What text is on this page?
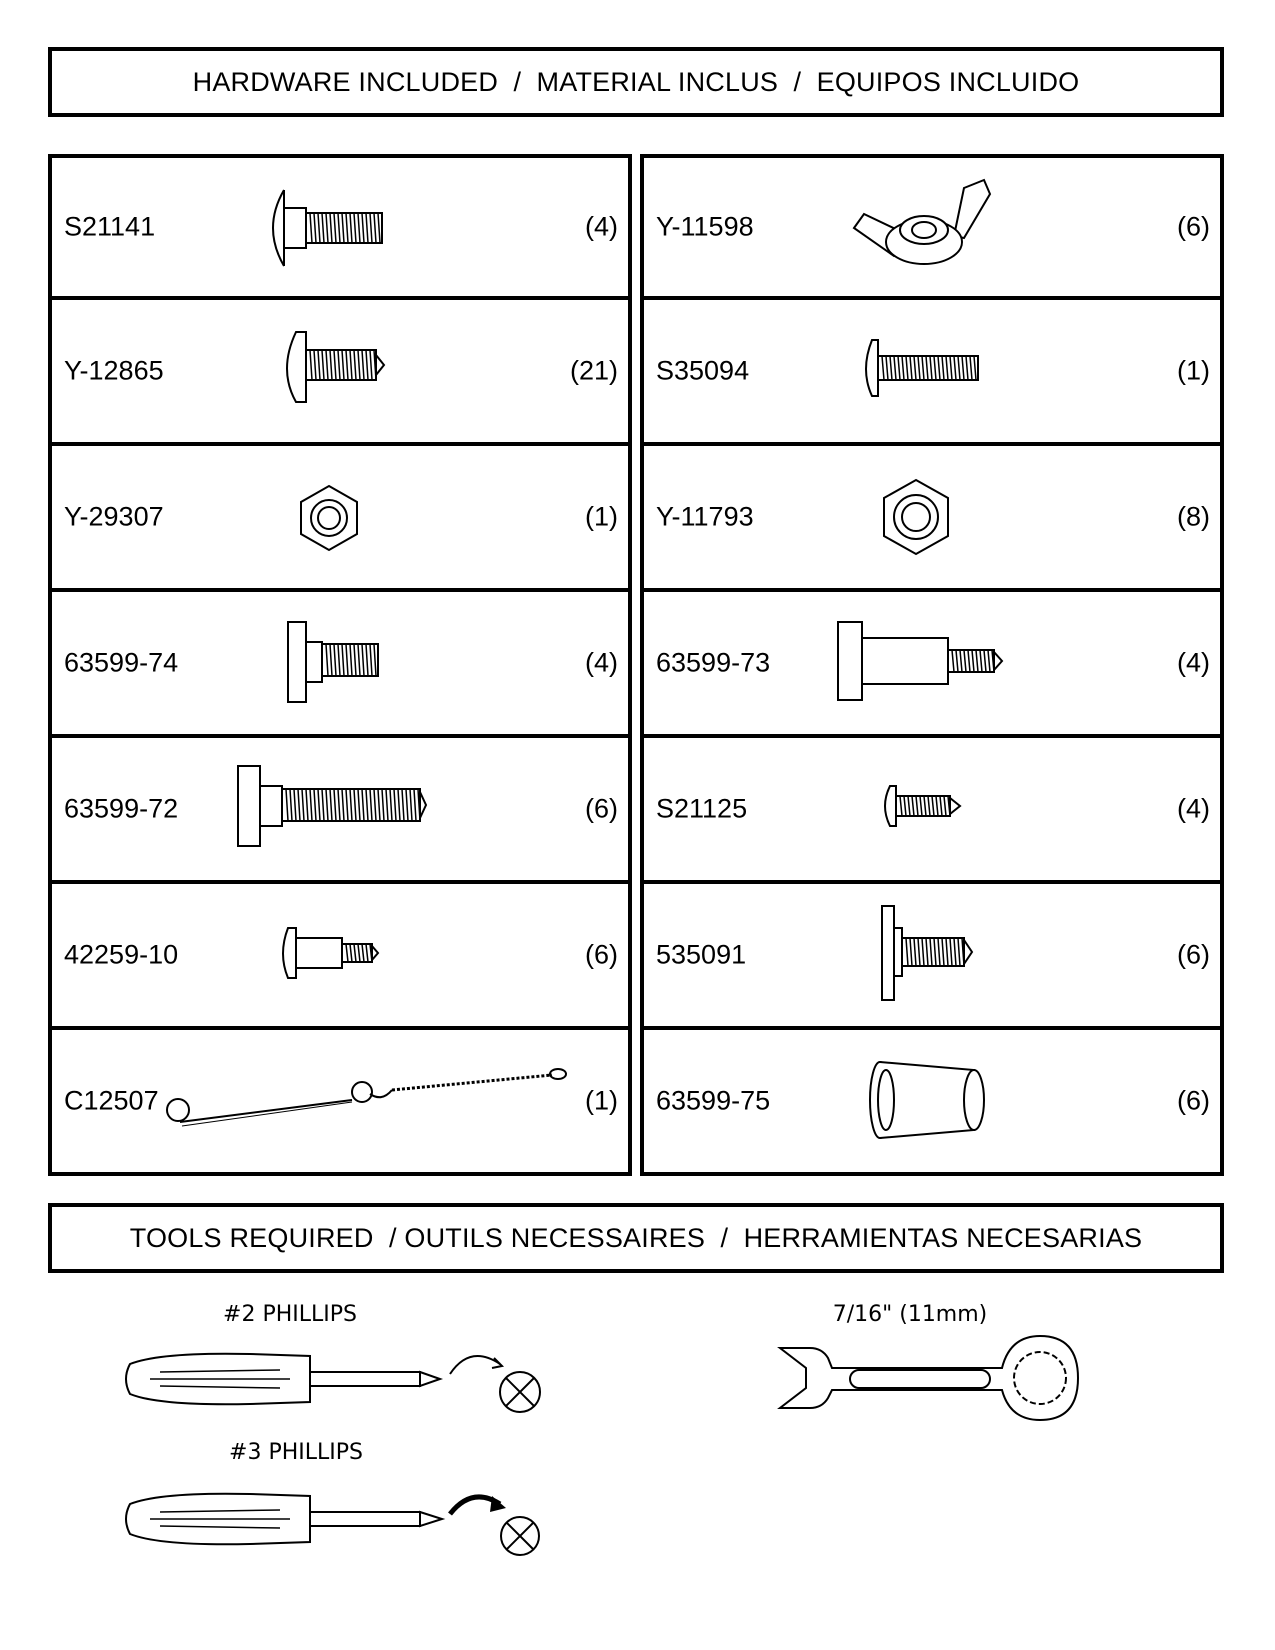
HARDWARE INCLUDED  /  MATERIAL INCLUS  /  EQUIPOS INCLUIDO
S21141	(4) Y-11598	(6)
Y-12865	(21) S35094	(1)
Y-29307	(1) Y-11793	(8)
63599-74	(4) 63599-73	(4)
63599-72	(6) S21125	(4)
42259-10	(6) 535091	(6)
C12507	(1) 63599-75	(6)
TOOLS REQUIRED  / OUTILS NECESSAIRES  /  HERRAMIENTAS NECESARIAS
#2 PHILLIPS
#3 PHILLIPS
7/16" (11mm)
